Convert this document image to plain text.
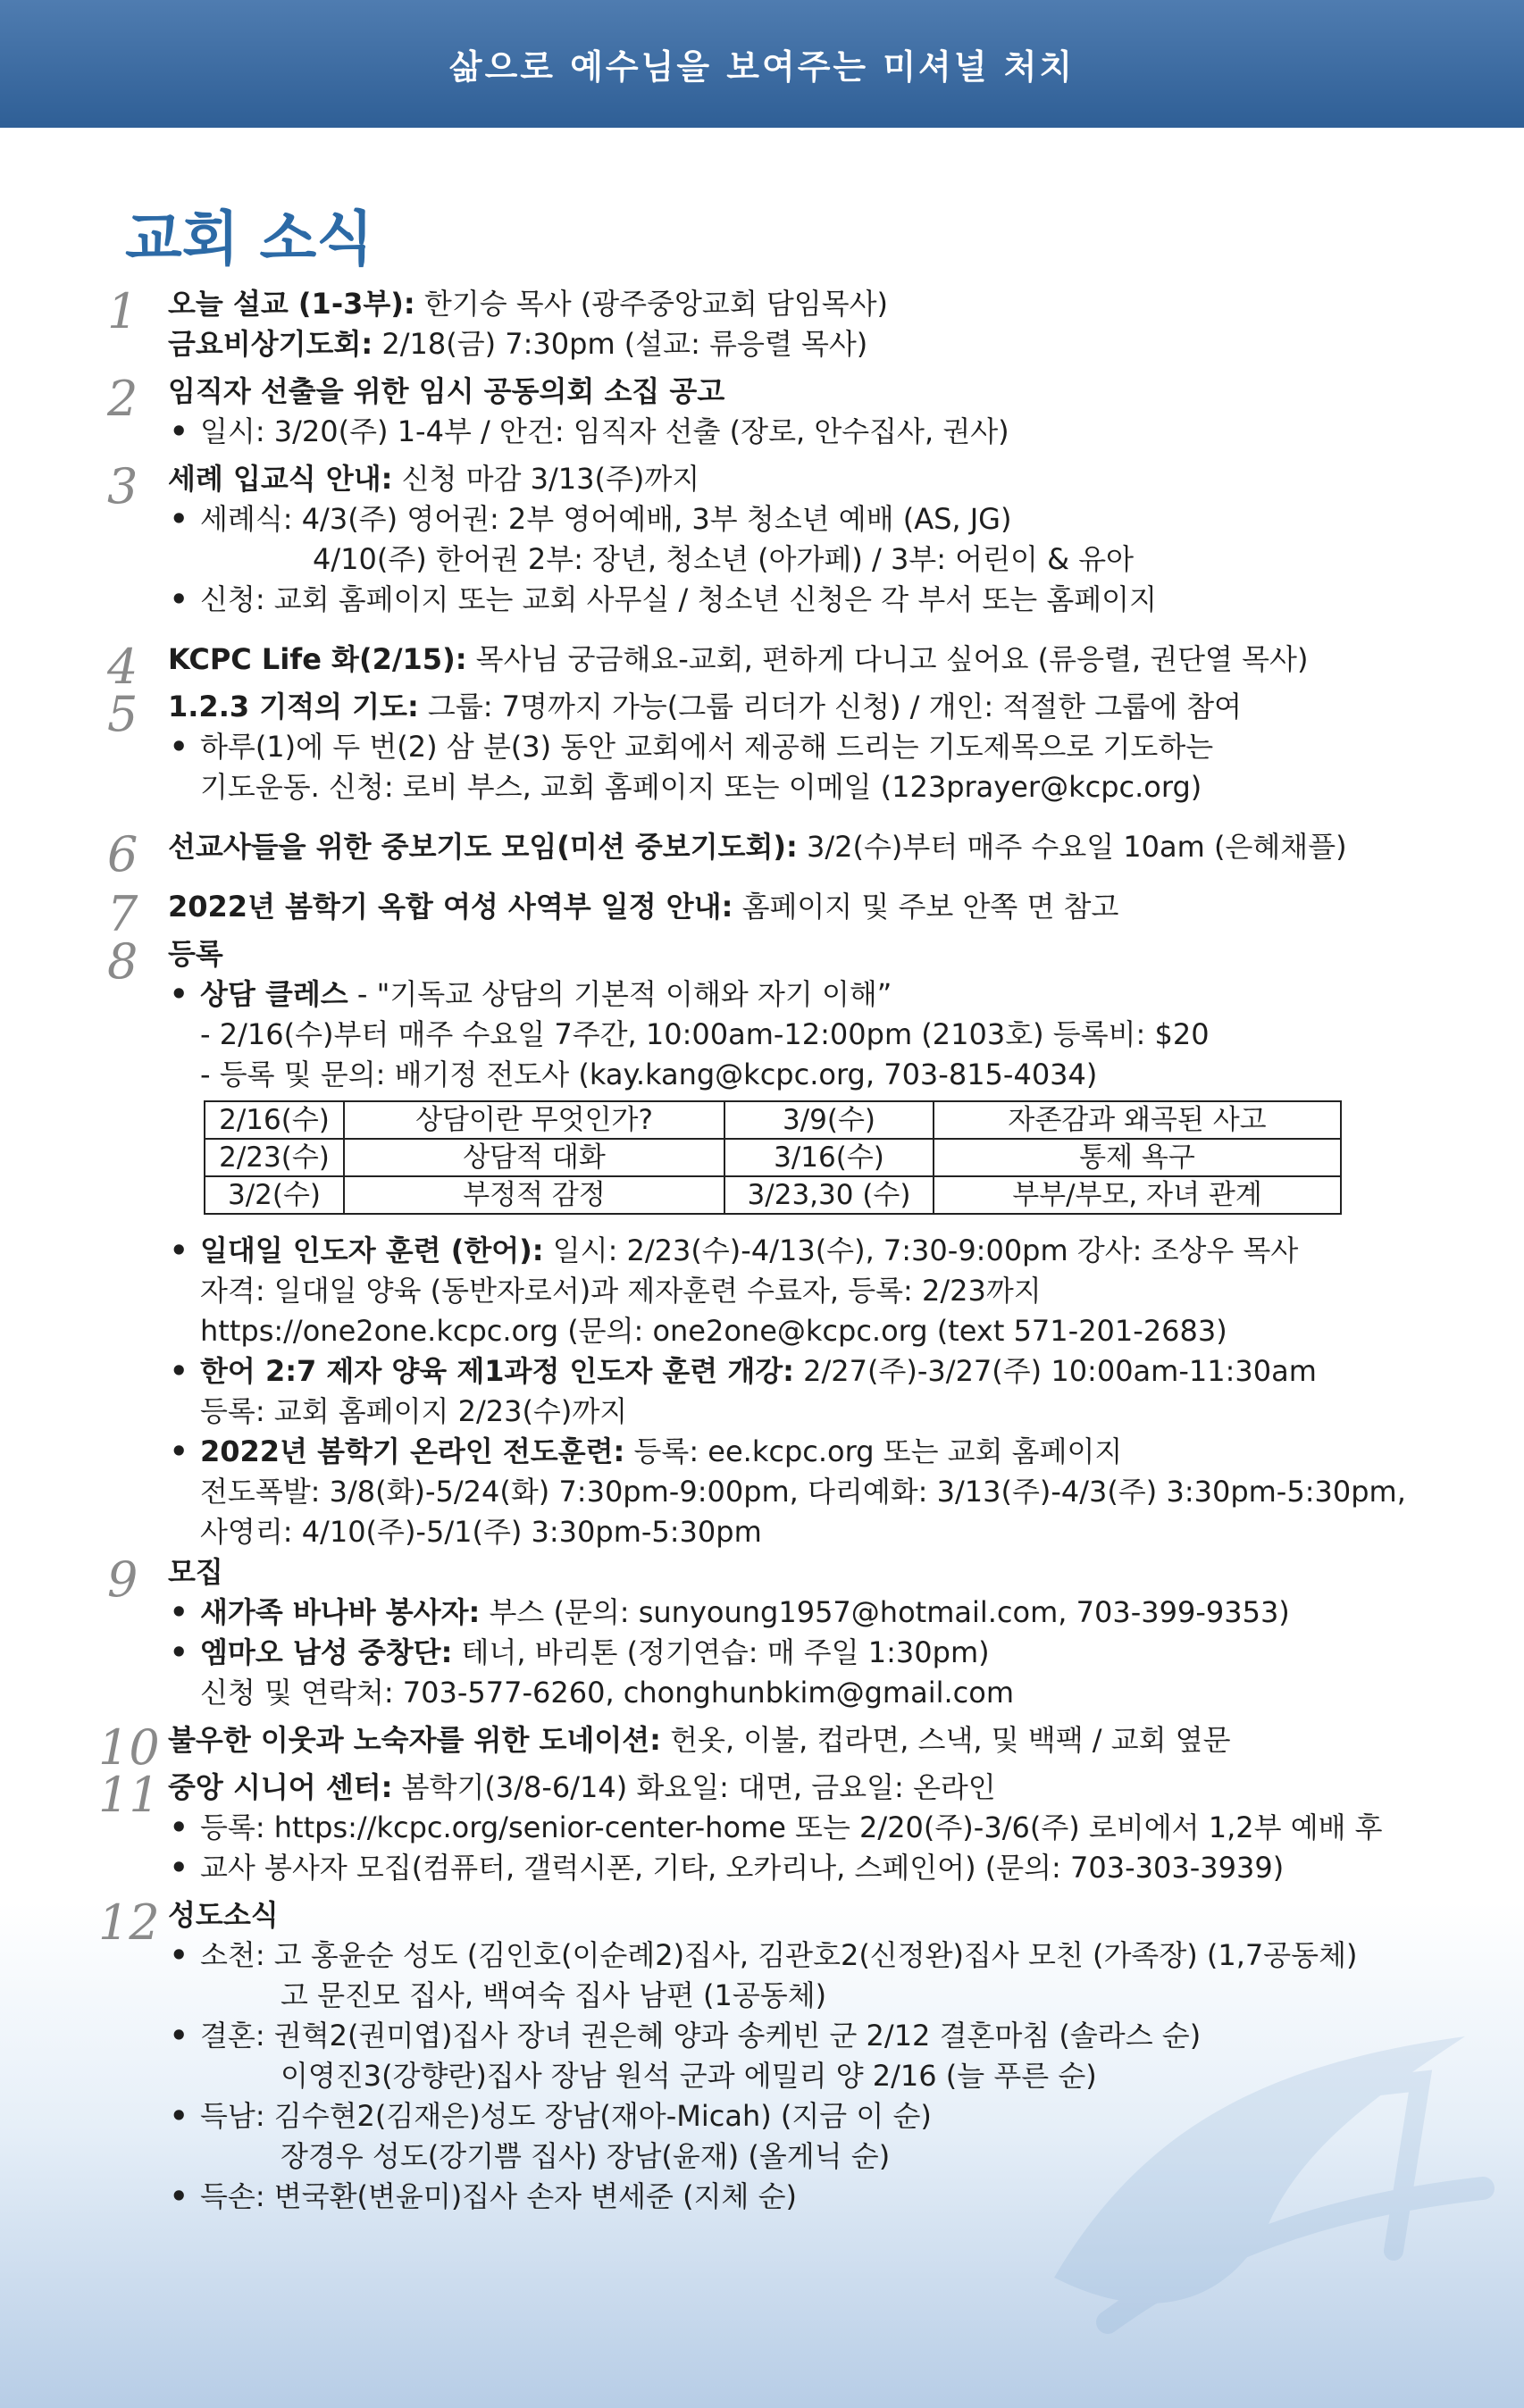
삶으로 예수님을 보여주는 미셔널 처치
교회 소식
1	오늘 설교 (1-3부): 한기승 목사 (광주중앙교회 담임목사)
금요비상기도회: 2/18(금) 7:30pm (설교: 류응렬 목사)
2	임직자 선출을 위한 임시 공동의회 소집 공고
• 일시: 3/20(주) 1-4부 / 안건: 임직자 선출 (장로, 안수집사, 권사)
3	세례 입교식 안내: 신청 마감 3/13(주)까지
• 세례식: 4/3(주) 영어권: 2부 영어예배, 3부 청소년 예배 (AS, JG)
4/10(주) 한어권 2부: 장년, 청소년 (아가페) / 3부: 어린이 & 유아
• 신청: 교회 홈페이지 또는 교회 사무실 / 청소년 신청은 각 부서 또는 홈페이지
4	KCPC Life 화(2/15): 목사님 궁금해요-교회, 편하게 다니고 싶어요 (류응렬, 권단열 목사)
5	1.2.3 기적의 기도: 그룹: 7명까지 가능(그룹 리더가 신청) / 개인: 적절한 그룹에 참여
• 하루(1)에 두 번(2) 삼 분(3) 동안 교회에서 제공해 드리는 기도제목으로 기도하는
기도운동. 신청: 로비 부스, 교회 홈페이지 또는 이메일 (123prayer@kcpc.org)
6	선교사들을 위한 중보기도 모임(미션 중보기도회): 3/2(수)부터 매주 수요일 10am (은혜채플)
7	2022년 봄학기 옥합 여성 사역부 일정 안내: 홈페이지 및 주보 안쪽 면 참고
8	등록
• 상담 클레스 - "기독교 상담의 기본적 이해와 자기 이해”
- 2/16(수)부터 매주 수요일 7주간, 10:00am-12:00pm (2103호) 등록비: $20
- 등록 및 문의: 배기정 전도사 (kay.kang@kcpc.org, 703-815-4034)
2/16(수)	상담이란 무엇인가?	3/9(수)	자존감과 왜곡된 사고
2/23(수)	상담적 대화	3/16(수)	통제 욕구
3/2(수)	부정적 감정	3/23,30 (수)	부부/부모, 자녀 관계
• 일대일 인도자 훈련 (한어): 일시: 2/23(수)-4/13(수), 7:30-9:00pm 강사: 조상우 목사
자격: 일대일 양육 (동반자로서)과 제자훈련 수료자, 등록: 2/23까지
https://one2one.kcpc.org (문의: one2one@kcpc.org (text 571-201-2683)
• 한어 2:7 제자 양육 제1과정 인도자 훈련 개강: 2/27(주)-3/27(주) 10:00am-11:30am
등록: 교회 홈페이지 2/23(수)까지
• 2022년 봄학기 온라인 전도훈련: 등록: ee.kcpc.org 또는 교회 홈페이지
전도폭발: 3/8(화)-5/24(화) 7:30pm-9:00pm, 다리예화: 3/13(주)-4/3(주) 3:30pm-5:30pm,
사영리: 4/10(주)-5/1(주) 3:30pm-5:30pm
9	모집
• 새가족 바나바 봉사자: 부스 (문의: sunyoung1957@hotmail.com, 703-399-9353)
• 엠마오 남성 중창단: 테너, 바리톤 (정기연습: 매 주일 1:30pm)
신청 및 연락처: 703-577-6260, chonghunbkim@gmail.com
10 불우한 이웃과 노숙자를 위한 도네이션: 헌옷, 이불, 컵라면, 스낵, 및 백팩 / 교회 옆문
11 중앙 시니어 센터: 봄학기(3/8-6/14) 화요일: 대면, 금요일: 온라인
• 등록: https://kcpc.org/senior-center-home 또는 2/20(주)-3/6(주) 로비에서 1,2부 예배 후
• 교사 봉사자 모집(컴퓨터, 갤럭시폰, 기타, 오카리나, 스페인어) (문의: 703-303-3939)
12 성도소식
• 소천: 고 홍윤순 성도 (김인호(이순례2)집사, 김관호2(신정완)집사 모친 (가족장) (1,7공동체)
고 문진모 집사, 백여숙 집사 남편 (1공동체)
• 결혼: 권혁2(권미엽)집사 장녀 권은혜 양과 송케빈 군 2/12 결혼마침 (솔라스 순)
이영진3(강향란)집사 장남 원석 군과 에밀리 양 2/16 (늘 푸른 순)
• 득남: 김수현2(김재은)성도 장남(재아-Micah) (지금 이 순)
장경우 성도(강기쁨 집사) 장남(윤재) (올게닉 순)
• 득손: 변국환(변윤미)집사 손자 변세준 (지체 순)
